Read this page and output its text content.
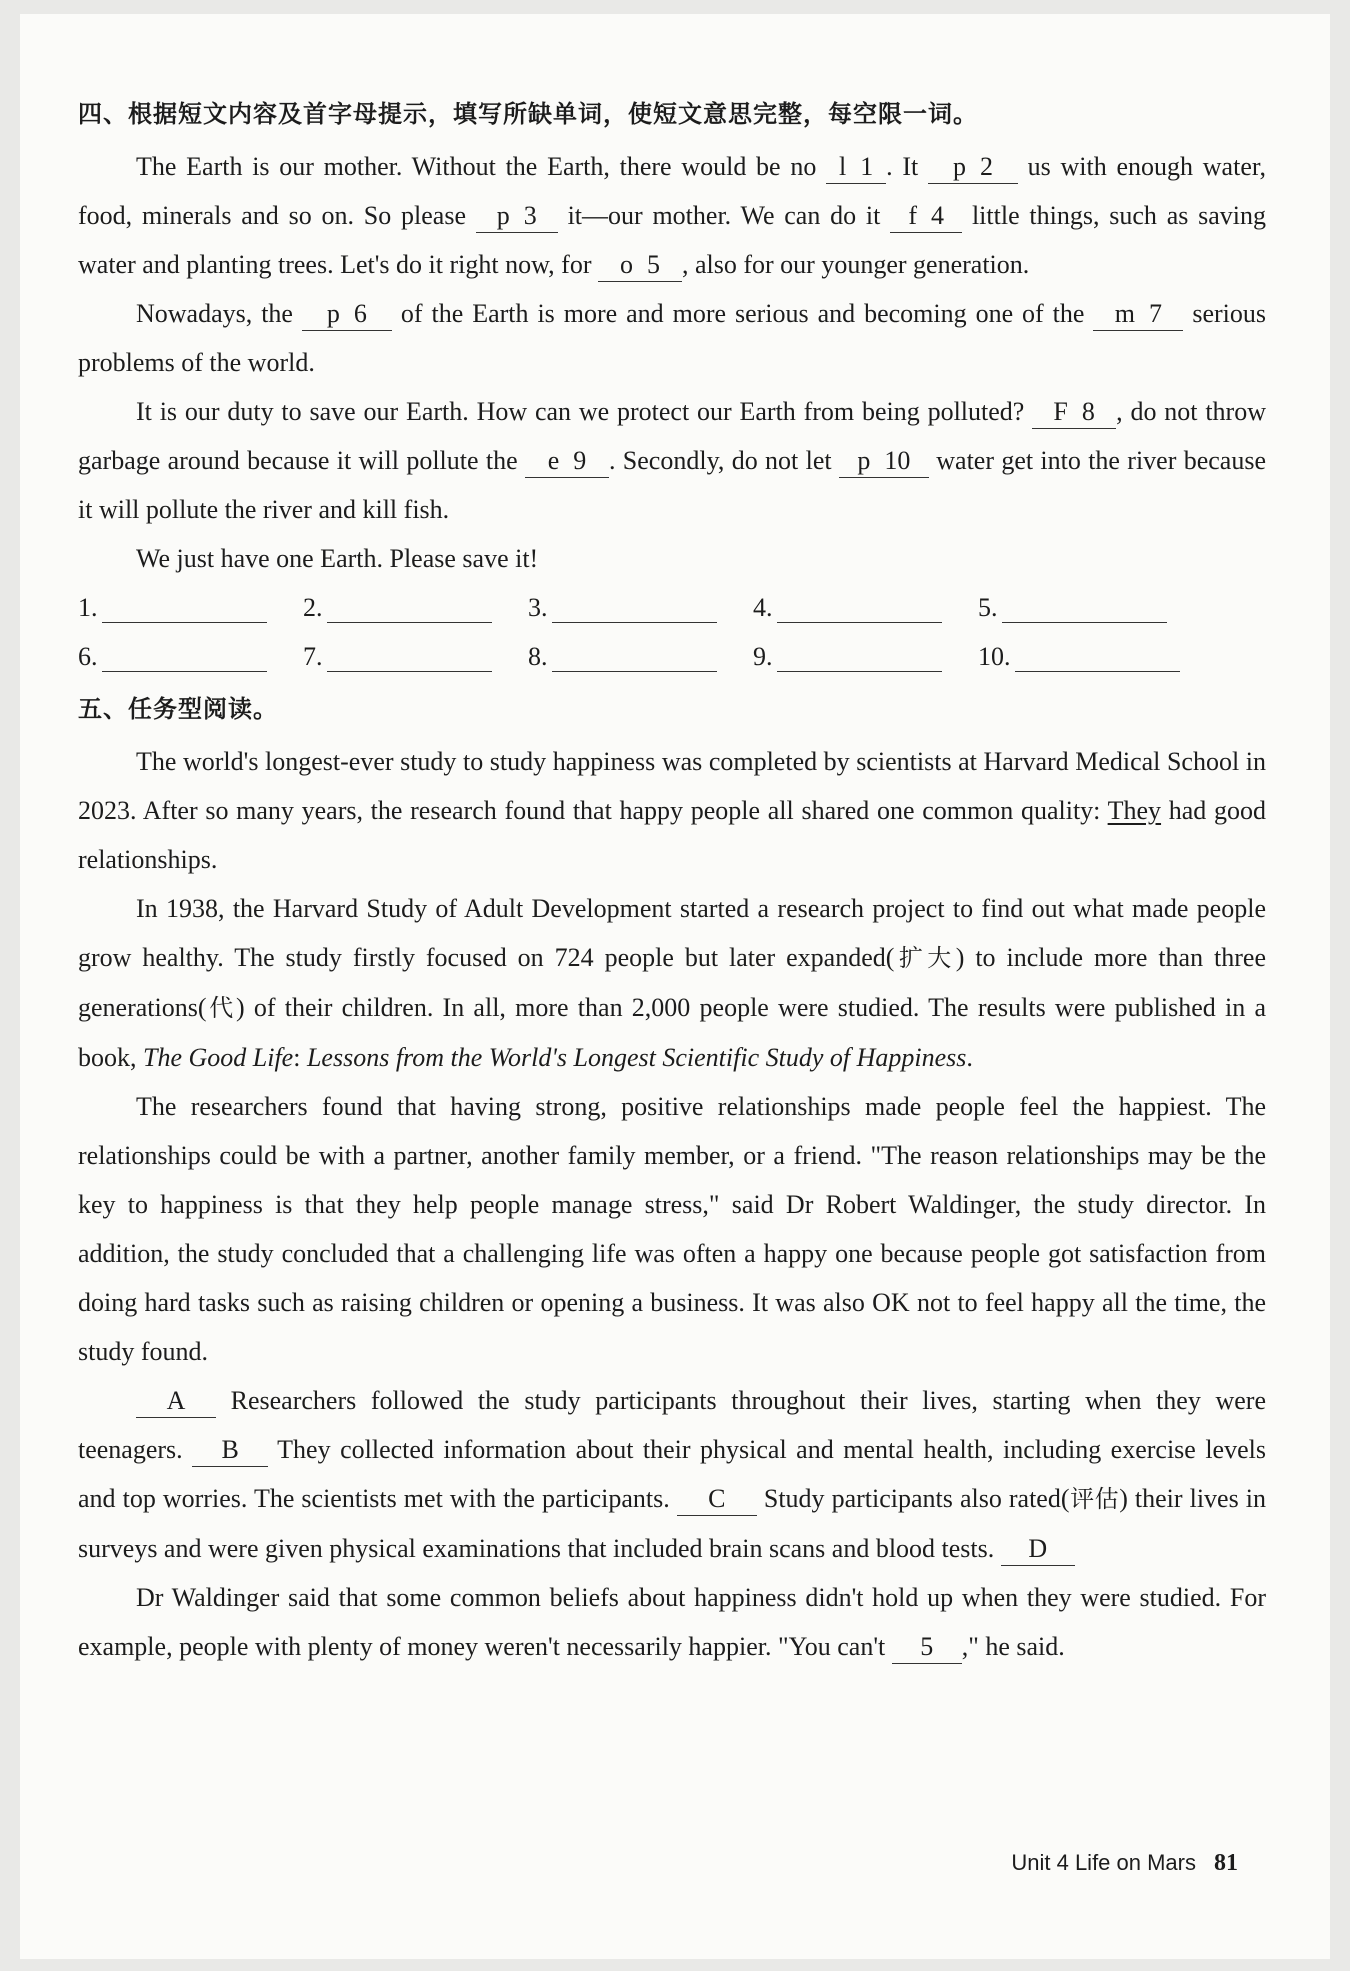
四、根据短文内容及首字母提示，填写所缺单词，使短文意思完整，每空限一词。

The Earth is our mother. Without the Earth, there would be no l 1 . It p 2 us with enough water, food, minerals and so on. So please p 3 it—our mother. We can do it f 4 little things, such as saving water and planting trees. Let's do it right now, for o 5 , also for our younger generation.

Nowadays, the p 6 of the Earth is more and more serious and becoming one of the m 7 serious problems of the world.

It is our duty to save our Earth. How can we protect our Earth from being polluted? F 8 , do not throw garbage around because it will pollute the e 9 . Secondly, do not let p 10 water get into the river because it will pollute the river and kill fish.

We just have one Earth. Please save it!

1.	2.	3.	4.	5.
6.	7.	8.	9.	10.
五、任务型阅读。

The world's longest-ever study to study happiness was completed by scientists at Harvard Medical School in 2023. After so many years, the research found that happy people all shared one common quality: They had good relationships.

In 1938, the Harvard Study of Adult Development started a research project to find out what made people grow healthy. The study firstly focused on 724 people but later expanded(扩大) to include more than three generations(代) of their children. In all, more than 2,000 people were studied. The results were published in a book, The Good Life: Lessons from the World's Longest Scientific Study of Happiness.

The researchers found that having strong, positive relationships made people feel the happiest. The relationships could be with a partner, another family member, or a friend. "The reason relationships may be the key to happiness is that they help people manage stress," said Dr Robert Waldinger, the study director. In addition, the study concluded that a challenging life was often a happy one because people got satisfaction from doing hard tasks such as raising children or opening a business. It was also OK not to feel happy all the time, the study found.

A Researchers followed the study participants throughout their lives, starting when they were teenagers. B They collected information about their physical and mental health, including exercise levels and top worries. The scientists met with the participants. C Study participants also rated(评估) their lives in surveys and were given physical examinations that included brain scans and blood tests. D

Dr Waldinger said that some common beliefs about happiness didn't hold up when they were studied. For example, people with plenty of money weren't necessarily happier. "You can't 5 ," he said.

Unit 4 Life on Mars 81
